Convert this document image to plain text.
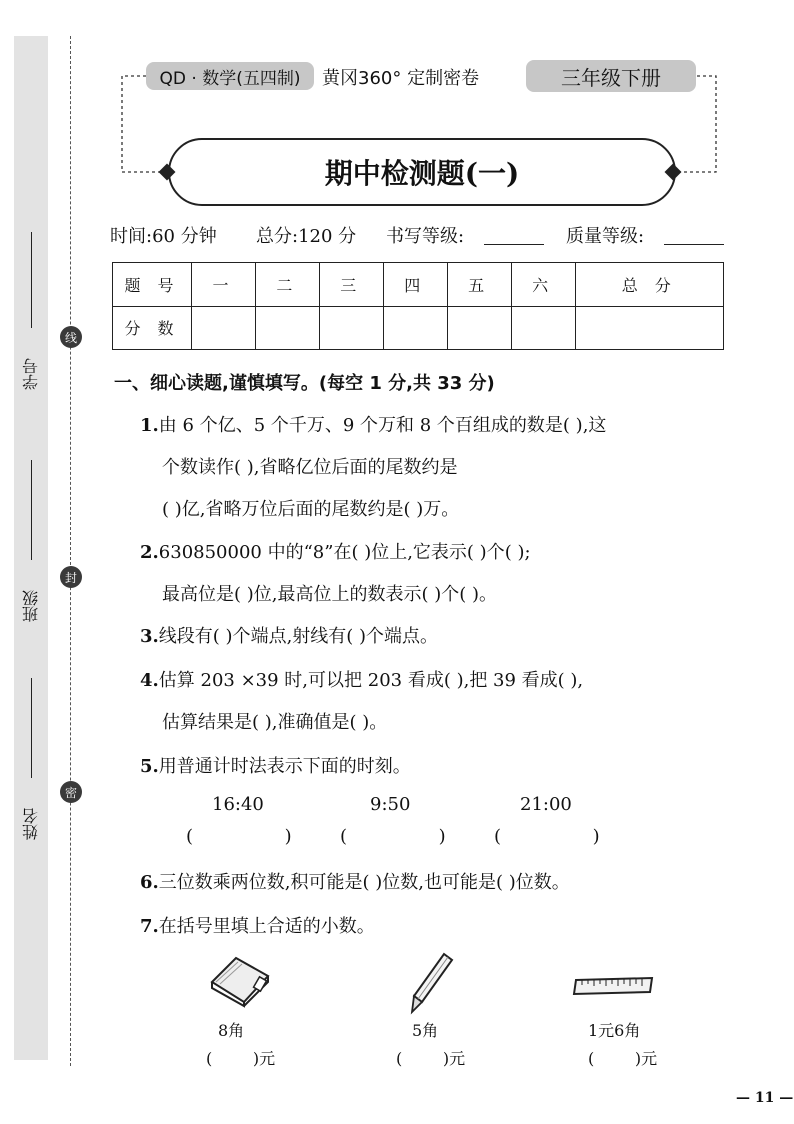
学号
班级
姓名
线
封
密
QD · 数学(五四制)	黄冈360° 定制密卷	三年级下册
期中检测题(一)
时间:60 分钟 总分:120 分 书写等级:	质量等级:
题 号	一	二	三	四	五	六	总 分
分 数							
一、细心读题,谨慎填写。(每空 1 分,共 33 分)
1.由 6 个亿、5 个千万、9 个万和 8 个百组成的数是( ),这
个数读作( ),省略亿位后面的尾数约是
( )亿,省略万位后面的尾数约是( )万。
2.630850000 中的“8”在( )位上,它表示( )个( );
最高位是( )位,最高位上的数表示( )个( )。
3.线段有( )个端点,射线有( )个端点。
4.估算 203 ×39 时,可以把 203 看成( ),把 39 看成( ),
估算结果是( ),准确值是( )。
5.用普通计时法表示下面的时刻。
16:40	9:50	21:00
(                )	(                )	(                )
6.三位数乘两位数,积可能是( )位数,也可能是( )位数。
7.在括号里填上合适的小数。
8角	5角	1元6角
(        )元	(        )元	(        )元
— 11 —
